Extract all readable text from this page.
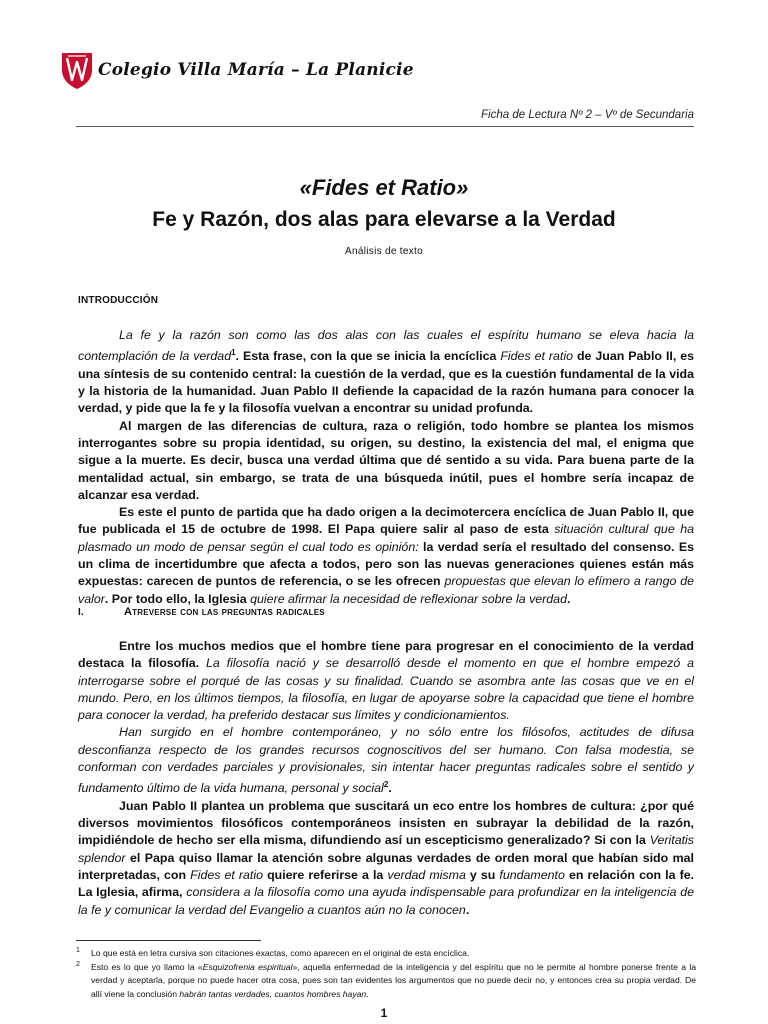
Colegio Villa María – La Planicie
Ficha de Lectura Nº 2 – Vº de Secundaria
«Fides et Ratio»
Fe y Razón, dos alas para elevarse a la Verdad
Análisis de texto
INTRODUCCIÓN

La fe y la razón son como las dos alas con las cuales el espíritu humano se eleva hacia la contemplación de la verdad$^1$. Esta frase, con la que se inicia la encíclica Fides et ratio de Juan Pablo II, es una síntesis de su contenido central: la cuestión de la verdad, que es la cuestión fundamental de la vida y la historia de la humanidad. Juan Pablo II defiende la capacidad de la razón humana para conocer la verdad, y pide que la fe y la filosofía vuelvan a encontrar su unidad profunda.

Al margen de las diferencias de cultura, raza o religión, todo hombre se plantea los mismos interrogantes sobre su propia identidad, su origen, su destino, la existencia del mal, el enigma que sigue a la muerte. Es decir, busca una verdad última que dé sentido a su vida. Para buena parte de la mentalidad actual, sin embargo, se trata de una búsqueda inútil, pues el hombre sería incapaz de alcanzar esa verdad.

Es este el punto de partida que ha dado origen a la decimotercera encíclica de Juan Pablo II, que fue publicada el 15 de octubre de 1998. El Papa quiere salir al paso de esta situación cultural que ha plasmado un modo de pensar según el cual todo es opinión: la verdad sería el resultado del consenso. Es un clima de incertidumbre que afecta a todos, pero son las nuevas generaciones quienes están más expuestas: carecen de puntos de referencia, o se les ofrecen propuestas que elevan lo efímero a rango de valor. Por todo ello, la Iglesia quiere afirmar la necesidad de reflexionar sobre la verdad.

I.	Atreverse con las preguntas radicales

Entre los muchos medios que el hombre tiene para progresar en el conocimiento de la verdad destaca la filosofía. La filosofía nació y se desarrolló desde el momento en que el hombre empezó a interrogarse sobre el porqué de las cosas y su finalidad. Cuando se asombra ante las cosas que ve en el mundo. Pero, en los últimos tiempos, la filosofía, en lugar de apoyarse sobre la capacidad que tiene el hombre para conocer la verdad, ha preferido destacar sus límites y condicionamientos.

Han surgido en el hombre contemporáneo, y no sólo entre los filósofos, actitudes de difusa desconfianza respecto de los grandes recursos cognoscitivos del ser humano. Con falsa modestia, se conforman con verdades parciales y provisionales, sin intentar hacer preguntas radicales sobre el sentido y fundamento último de la vida humana, personal y social$^2$.

Juan Pablo II plantea un problema que suscitará un eco entre los hombres de cultura: ¿por qué diversos movimientos filosóficos contemporáneos insisten en subrayar la debilidad de la razón, impidiéndole de hecho ser ella misma, difundiendo así un escepticismo generalizado? Si con la Veritatis splendor el Papa quiso llamar la atención sobre algunas verdades de orden moral que habían sido mal interpretadas, con Fides et ratio quiere referirse a la verdad misma y su fundamento en relación con la fe. La Iglesia, afirma, considera a la filosofía como una ayuda indispensable para profundizar en la inteligencia de la fe y comunicar la verdad del Evangelio a cuantos aún no la conocen.

1 Lo que está en letra cursiva son citaciones exactas, como aparecen en el original de esta encíclica.
2 Esto es lo que yo llamo la «Esquizofrenia espiritual», aquella enfermedad de la inteligencia y del espíritu que no le permite al hombre ponerse frente a la verdad y aceptarla, porque no puede hacer otra cosa, pues son tan evidentes los argumentos que no puede decir no, y entonces crea su propia verdad. De allí viene la conclusión habrán tantas verdades, cuantos hombres hayan.
1
